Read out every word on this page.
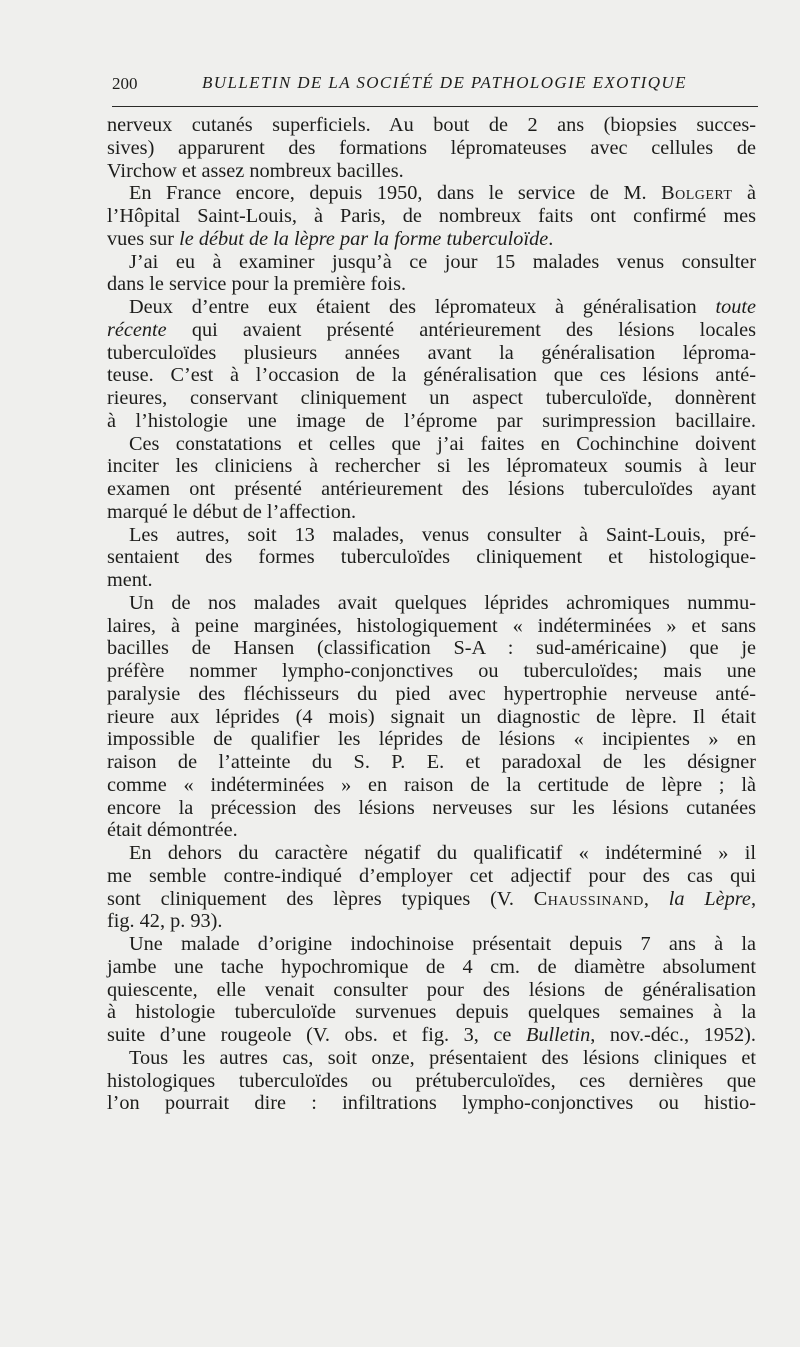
200	BULLETIN DE LA SOCIÉTÉ DE PATHOLOGIE EXOTIQUE
nerveux cutanés superficiels. Au bout de 2 ans (biopsies succes-
sives) apparurent des formations lépromateuses avec cellules de
Virchow et assez nombreux bacilles.
En France encore, depuis 1950, dans le service de M. Bolgert à
l’Hôpital Saint-Louis, à Paris, de nombreux faits ont confirmé mes
vues sur le début de la lèpre par la forme tuberculoïde.
J’ai eu à examiner jusqu’à ce jour 15 malades venus consulter
dans le service pour la première fois.
Deux d’entre eux étaient des lépromateux à généralisation toute
récente qui avaient présenté antérieurement des lésions locales
tuberculoïdes plusieurs années avant la généralisation léproma-
teuse. C’est à l’occasion de la généralisation que ces lésions anté-
rieures, conservant cliniquement un aspect tuberculoïde, donnèrent
à l’histologie une image de l’éprome par surimpression bacillaire.
Ces constatations et celles que j’ai faites en Cochinchine doivent
inciter les cliniciens à rechercher si les lépromateux soumis à leur
examen ont présenté antérieurement des lésions tuberculoïdes ayant
marqué le début de l’affection.
Les autres, soit 13 malades, venus consulter à Saint-Louis, pré-
sentaient des formes tuberculoïdes cliniquement et histologique-
ment.
Un de nos malades avait quelques léprides achromiques nummu-
laires, à peine marginées, histologiquement « indéterminées » et sans
bacilles de Hansen (classification S-A : sud-américaine) que je
préfère nommer lympho-conjonctives ou tuberculoïdes; mais une
paralysie des fléchisseurs du pied avec hypertrophie nerveuse anté-
rieure aux léprides (4 mois) signait un diagnostic de lèpre. Il était
impossible de qualifier les léprides de lésions « incipientes » en
raison de l’atteinte du S. P. E. et paradoxal de les désigner
comme « indéterminées » en raison de la certitude de lèpre ; là
encore la précession des lésions nerveuses sur les lésions cutanées
était démontrée.
En dehors du caractère négatif du qualificatif « indéterminé » il
me semble contre-indiqué d’employer cet adjectif pour des cas qui
sont cliniquement des lèpres typiques (V. Chaussinand, la Lèpre,
fig. 42, p. 93).
Une malade d’origine indochinoise présentait depuis 7 ans à la
jambe une tache hypochromique de 4 cm. de diamètre absolument
quiescente, elle venait consulter pour des lésions de généralisation
à histologie tuberculoïde survenues depuis quelques semaines à la
suite d’une rougeole (V. obs. et fig. 3, ce Bulletin, nov.-déc., 1952).
Tous les autres cas, soit onze, présentaient des lésions cliniques et
histologiques tuberculoïdes ou prétuberculoïdes, ces dernières que
l’on pourrait dire : infiltrations lympho-conjonctives ou histio-
